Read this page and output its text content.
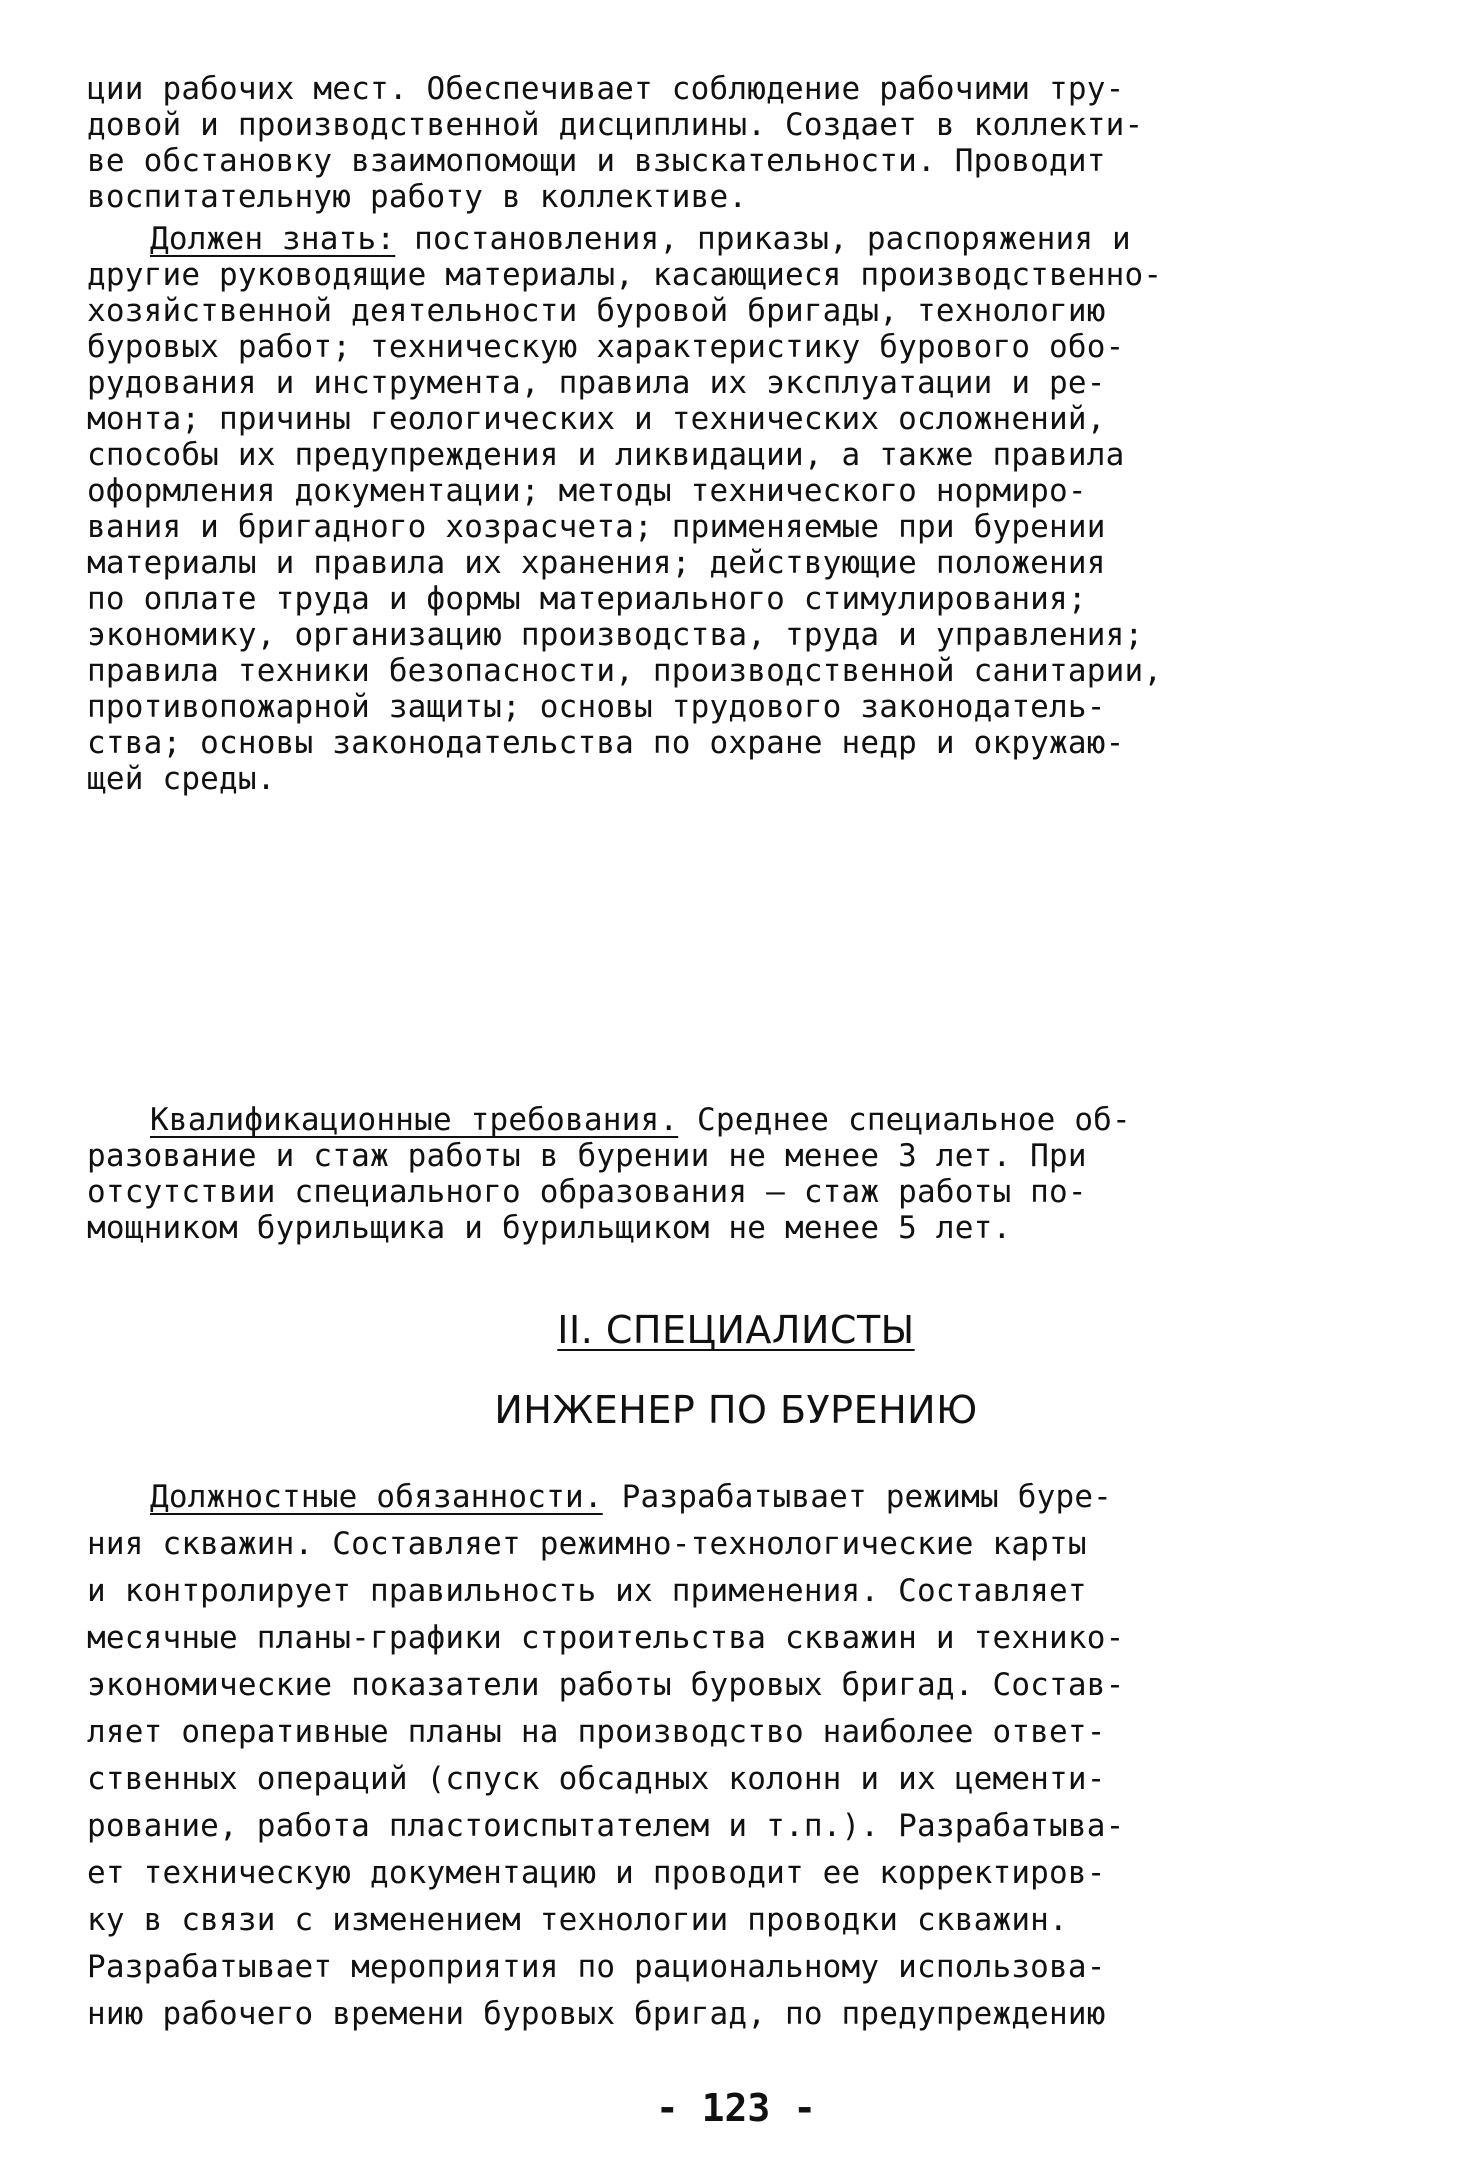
ции рабочих мест. Обеспечивает соблюдение рабочими тру-
довой и производственной дисциплины. Создает в коллекти-
ве обстановку взаимопомощи и взыскательности. Проводит
воспитательную работу в коллективе.
Должен знать: постановления, приказы, распоряжения и
другие руководящие материалы, касающиеся производственно-
хозяйственной деятельности буровой бригады, технологию
буровых работ; техническую характеристику бурового обо-
рудования и инструмента, правила их эксплуатации и ре-
монта; причины геологических и технических осложнений,
способы их предупреждения и ликвидации, а также правила
оформления документации; методы технического нормиро-
вания и бригадного хозрасчета; применяемые при бурении
материалы и правила их хранения; действующие положения
по оплате труда и формы материального стимулирования;
экономику, организацию производства, труда и управления;
правила техники безопасности, производственной санитарии,
противопожарной защиты; основы трудового законодатель-
ства; основы законодательства по охране недр и окружаю-
щей среды.
Квалификационные требования. Среднее специальное об-
разование и стаж работы в бурении не менее 3 лет. При
отсутствии специального образования – стаж работы по-
мощником бурильщика и бурильщиком не менее 5 лет.
II. СПЕЦИАЛИСТЫ
ИНЖЕНЕР ПО БУРЕНИЮ
Должностные обязанности. Разрабатывает режимы буре-
ния скважин. Составляет режимно-технологические карты
и контролирует правильность их применения. Составляет
месячные планы-графики строительства скважин и технико-
экономические показатели работы буровых бригад. Состав-
ляет оперативные планы на производство наиболее ответ-
ственных операций (спуск обсадных колонн и их цементи-
рование, работа пластоиспытателем и т.п.). Разрабатыва-
ет техническую документацию и проводит ее корректиров-
ку в связи с изменением технологии проводки скважин.
Разрабатывает мероприятия по рациональному использова-
нию рабочего времени буровых бригад, по предупреждению
- 123 -
